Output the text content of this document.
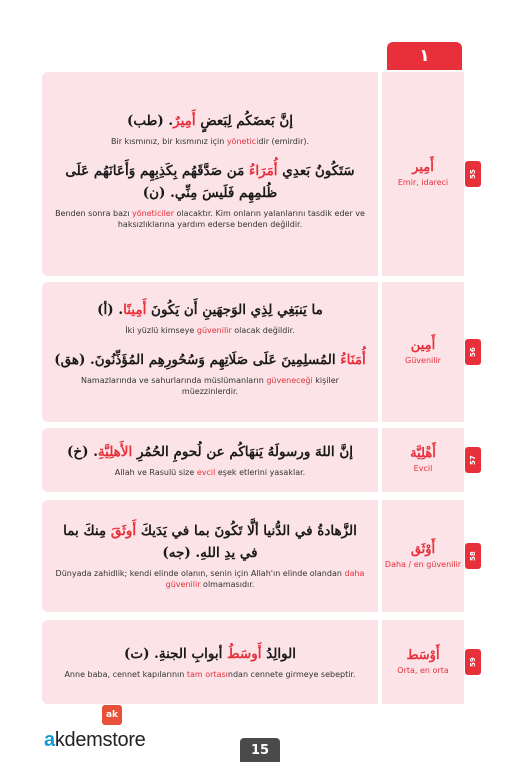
١
إنَّ بَعضَكُم لِبَعضٍ أَمِيرٌ. (طب)
Bir kısmınız, bir kısmınız için yöneticidir (emirdir).
سَتَكُونُ بَعدِي أُمَرَاءُ مَن صَدَّقَهُم بِكَذِبِهِم وَأَعَانَهُم عَلَى ظُلمِهِم فَلَيسَ مِنِّي. (ن)
Benden sonra bazı yöneticiler olacaktır. Kim onların yalanlarını tasdik eder ve haksızlıklarına yardım ederse benden değildir.
أَمِير
Emir, idareci
55
ما يَنبَغِي لِذِي الوَجهَينِ أَن يَكُونَ أَمِينًا. (أ)
İki yüzlü kimseye güvenilir olacak değildir.
أُمَنَاءُ المُسلِمِينَ عَلَى صَلَاتِهِم وَسُحُورِهِم المُؤَذِّنُونَ. (هق)
Namazlarında ve sahurlarında müslümanların güveneceği kişiler müezzinlerdir.
أَمِين
Güvenilir
56
إنَّ اللهَ ورسولَهُ يَنهَاكُم عن لُحومِ الحُمُرِ الأَهلِيَّةِ. (خ)
Allah ve Rasulü size evcil eşek etlerini yasaklar.
أَهْلِيَّة
Evcil
57
الزَّهادةُ في الدُّنيا ألَّا تَكُونَ بما في يَدَيكَ أَوثَقَ مِنكَ بما في يدِ اللهِ. (جه)
Dünyada zahidlik; kendi elinde olanın, senin için Allah'ın elinde olandan daha güvenilir olmamasıdır.
أَوْثَق
Daha / en güvenilir
58
الوالِدُ أَوسَطُ أبوابِ الجنةِ. (ت)
Anne baba, cennet kapılarının tam ortasından cennete girmeye sebeptir.
أَوْسَط
Orta, en orta
59
ak
akdemstore	15
